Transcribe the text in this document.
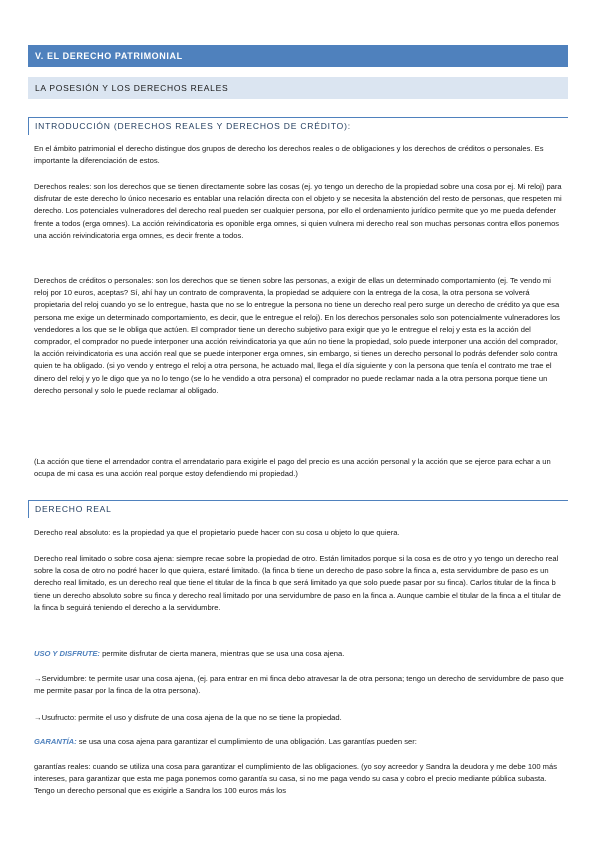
V. EL DERECHO PATRIMONIAL
LA POSESIÓN Y LOS DERECHOS REALES
INTRODUCCIÓN (DERECHOS REALES Y DERECHOS DE CRÉDITO):

En el ámbito patrimonial el derecho distingue dos grupos de derecho los derechos reales o de obligaciones y los derechos de créditos o personales. Es importante la diferenciación de estos.

Derechos reales: son los derechos que se tienen directamente sobre las cosas (ej. yo tengo un derecho de la propiedad sobre una cosa por ej. Mi reloj) para disfrutar de este derecho lo único necesario es entablar una relación directa con el objeto y se necesita la abstención del resto de personas, que respeten mi derecho. Los potenciales vulneradores del derecho real pueden ser cualquier persona, por ello el ordenamiento jurídico permite que yo me pueda defender frente a todos (erga omnes). La acción reivindicatoria es oponible erga omnes, si quien vulnera mi derecho real son muchas personas contra ellos ponemos una acción reivindicatoria erga omnes, es decir frente a todos.

Derechos de créditos o personales: son los derechos que se tienen sobre las personas, a exigir de ellas un determinado comportamiento (ej. Te vendo mi reloj por 10 euros, aceptas? Sí, ahí hay un contrato de compraventa, la propiedad se adquiere con la entrega de la cosa, la otra persona se volverá propietaria del reloj cuando yo se lo entregue, hasta que no se lo entregue la persona no tiene un derecho real pero surge un derecho de crédito ya que esa persona me exige un determinado comportamiento, es decir, que le entregue el reloj). En los derechos personales solo son potencialmente vulneradores los vendedores a los que se le obliga que actúen. El comprador tiene un derecho subjetivo para exigir que yo le entregue el reloj y esta es la acción del comprador, el comprador no puede interponer una acción reivindicatoria ya que aún no tiene la propiedad, solo puede interponer una acción del comprador, la acción reivindicatoria es una acción real que se puede interponer erga omnes, sin embargo, si tienes un derecho personal lo podrás defender solo contra quien te ha obligado. (si yo vendo y entrego el reloj a otra persona, he actuado mal, llega el día siguiente y con la persona que tenía el contrato me trae el dinero del reloj y yo le digo que ya no lo tengo (se lo he vendido a otra persona) el comprador no puede reclamar nada a la otra persona porque tiene un derecho personal y solo le puede reclamar al obligado.

(La acción que tiene el arrendador contra el arrendatario para exigirle el pago del precio es una acción personal y la acción que se ejerce para echar a un ocupa de mi casa es una acción real porque estoy defendiendo mi propiedad.)

DERECHO REAL

Derecho real absoluto: es la propiedad ya que el propietario puede hacer con su cosa u objeto lo que quiera.

Derecho real limitado o sobre cosa ajena: siempre recae sobre la propiedad de otro. Están limitados porque si la cosa es de otro y yo tengo un derecho real sobre la cosa de otro no podré hacer lo que quiera, estaré limitado. (la finca b tiene un derecho de paso sobre la finca a, esta servidumbre de paso es un derecho real limitado, es un derecho real que tiene el titular de la finca b que será limitado ya que solo puede pasar por su finca). Carlos titular de la finca b tiene un derecho absoluto sobre su finca y derecho real limitado por una servidumbre de paso en la finca a. Aunque cambie el titular de la finca a el titular de la finca b seguirá teniendo el derecho a la servidumbre.

USO Y DISFRUTE: permite disfrutar de cierta manera, mientras que se usa una cosa ajena.

→Servidumbre: te permite usar una cosa ajena, (ej. para entrar en mi finca debo atravesar la de otra persona; tengo un derecho de servidumbre de paso que me permite pasar por la finca de la otra persona).

→Usufructo: permite el uso y disfrute de una cosa ajena de la que no se tiene la propiedad.

GARANTÍA: se usa una cosa ajena para garantizar el cumplimiento de una obligación. Las garantías pueden ser:

garantías reales: cuando se utiliza una cosa para garantizar el cumplimiento de las obligaciones. (yo soy acreedor y Sandra la deudora y me debe 100 más intereses, para garantizar que esta me paga ponemos como garantía su casa, si no me paga vendo su casa y cobro el precio mediante pública subasta. Tengo un derecho personal que es exigirle a Sandra los 100 euros más los
